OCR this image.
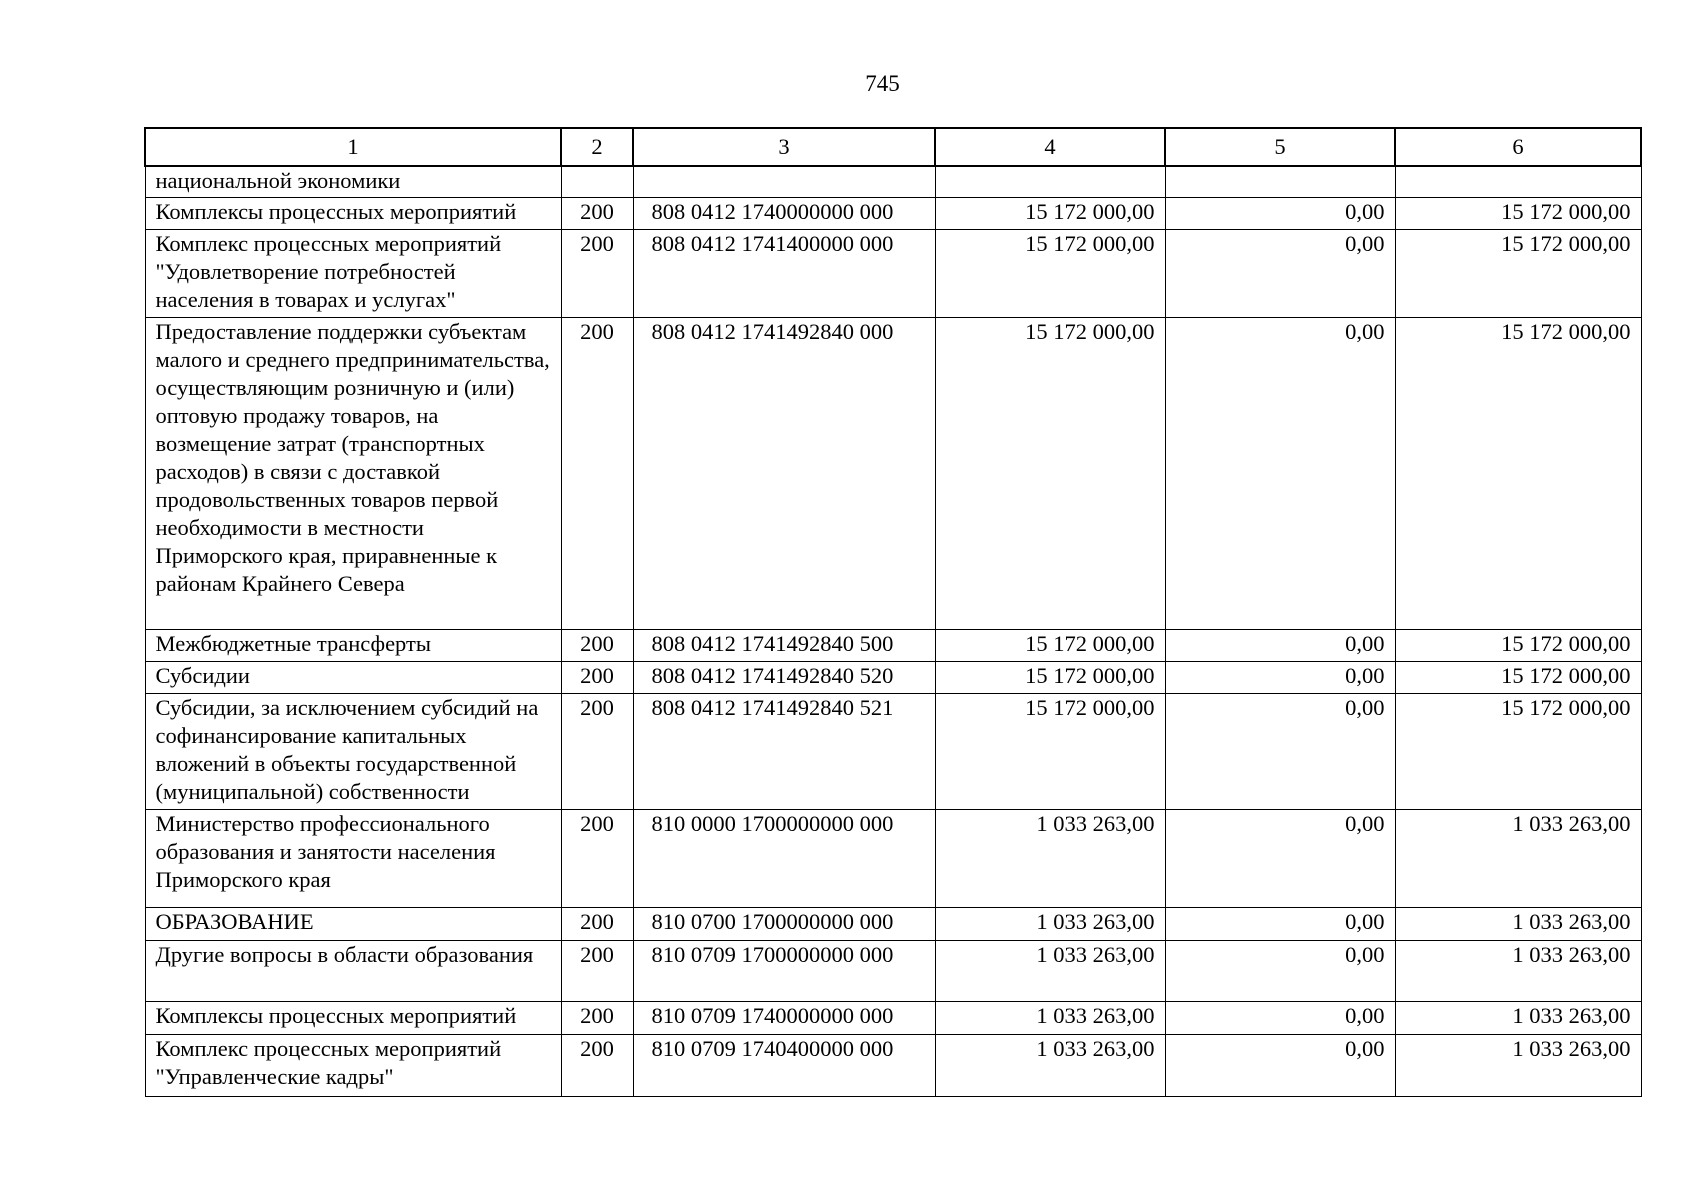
745
1	2	3	4	5	6
национальной экономики					
Комплексы процессных мероприятий	200	808 0412 1740000000 000	15 172 000,00	0,00	15 172 000,00
Комплекс процессных мероприятий "Удовлетворение потребностей населения в товарах и услугах"	200	808 0412 1741400000 000	15 172 000,00	0,00	15 172 000,00
Предоставление поддержки субъектам малого и среднего предпринимательства, осуществляющим розничную и (или) оптовую продажу товаров, на возмещение затрат (транспортных расходов) в связи с доставкой продовольственных товаров первой необходимости в местности Приморского края, приравненные к районам Крайнего Севера	200	808 0412 1741492840 000	15 172 000,00	0,00	15 172 000,00
Межбюджетные трансферты	200	808 0412 1741492840 500	15 172 000,00	0,00	15 172 000,00
Субсидии	200	808 0412 1741492840 520	15 172 000,00	0,00	15 172 000,00
Субсидии, за исключением субсидий на софинансирование капитальных вложений в объекты государственной (муниципальной) собственности	200	808 0412 1741492840 521	15 172 000,00	0,00	15 172 000,00
Министерство профессионального образования и занятости населения Приморского края	200	810 0000 1700000000 000	1 033 263,00	0,00	1 033 263,00
ОБРАЗОВАНИЕ	200	810 0700 1700000000 000	1 033 263,00	0,00	1 033 263,00
Другие вопросы в области образования	200	810 0709 1700000000 000	1 033 263,00	0,00	1 033 263,00
Комплексы процессных мероприятий	200	810 0709 1740000000 000	1 033 263,00	0,00	1 033 263,00
Комплекс процессных мероприятий "Управленческие кадры"	200	810 0709 1740400000 000	1 033 263,00	0,00	1 033 263,00
